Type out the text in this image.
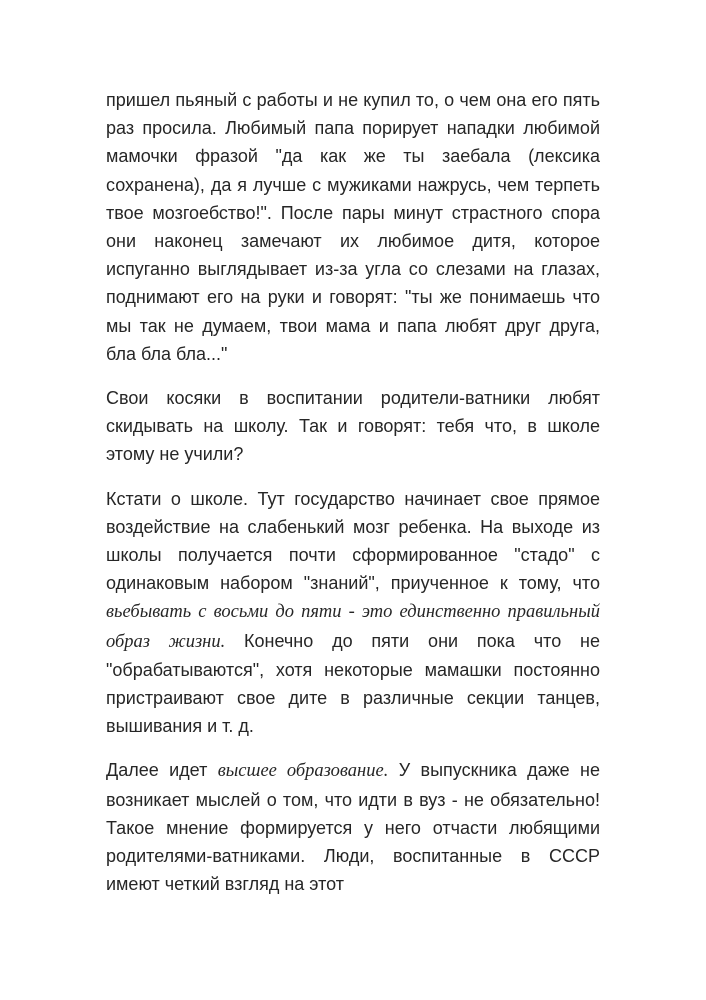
пришел пьяный с работы и не купил то, о чем она его пять раз просила. Любимый папа порирует нападки любимой мамочки фразой "да как же ты заебала (лексика сохранена), да я лучше с мужиками нажрусь, чем терпеть твое мозгоебство!". После пары минут страстного спора они наконец замечают их любимое дитя, которое испуганно выглядывает из-за угла со слезами на глазах, поднимают его на руки и говорят: "ты же понимаешь что мы так не думаем, твои мама и папа любят друг друга, бла бла бла..."

Свои косяки в воспитании родители-ватники любят скидывать на школу. Так и говорят: тебя что, в школе этому не учили?

Кстати о школе. Тут государство начинает свое прямое воздействие на слабенький мозг ребенка. На выходе из школы получается почти сформированное "стадо" с одинаковым набором "знаний", приученное к тому, что вьебывать с восьми до пяти - это единственно правильный образ жизни. Конечно до пяти они пока что не "обрабатываются", хотя некоторые мамашки постоянно пристраивают свое дите в различные секции танцев, вышивания и т. д.

Далее идет высшее образование. У выпускника даже не возникает мыслей о том, что идти в вуз - не обязательно! Такое мнение формируется у него отчасти любящими родителями-ватниками. Люди, воспитанные в СССР имеют четкий взгляд на этот
